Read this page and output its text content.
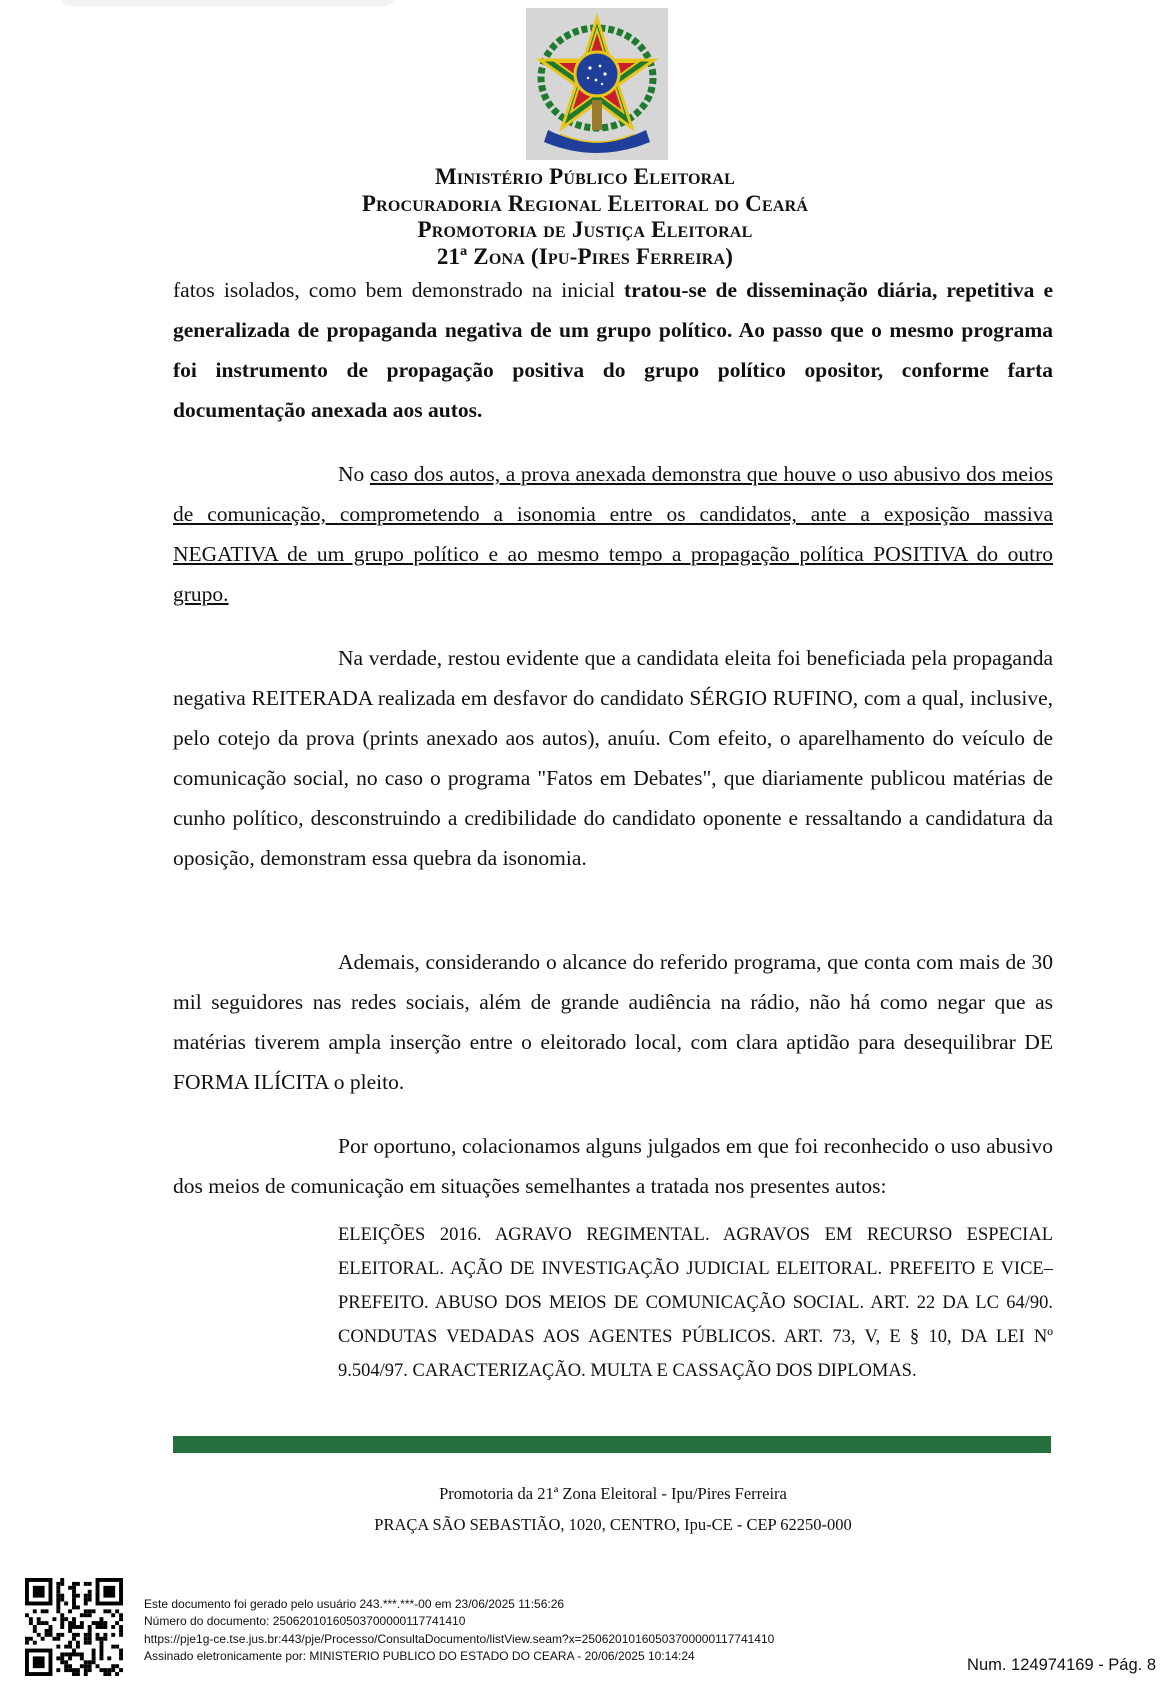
Ministério Público Eleitoral
Procuradoria Regional Eleitoral do Ceará
Promotoria de Justiça Eleitoral
21ª Zona (Ipu-Pires Ferreira)

fatos isolados, como bem demonstrado na inicial tratou-se de disseminação diária, repetitiva e generalizada de propaganda negativa de um grupo político. Ao passo que o mesmo programa foi instrumento de propagação positiva do grupo político opositor, conforme farta documentação anexada aos autos.

No caso dos autos, a prova anexada demonstra que houve o uso abusivo dos meios de comunicação, comprometendo a isonomia entre os candidatos, ante a exposição massiva NEGATIVA de um grupo político e ao mesmo tempo a propagação política POSITIVA do outro grupo.

Na verdade, restou evidente que a candidata eleita foi beneficiada pela propaganda negativa REITERADA realizada em desfavor do candidato SÉRGIO RUFINO, com a qual, inclusive, pelo cotejo da prova (prints anexado aos autos), anuíu. Com efeito, o aparelhamento do veículo de comunicação social, no caso o programa "Fatos em Debates", que diariamente publicou matérias de cunho político, desconstruindo a credibilidade do candidato oponente e ressaltando a candidatura da oposição, demonstram essa quebra da isonomia.

Ademais, considerando o alcance do referido programa, que conta com mais de 30 mil seguidores nas redes sociais, além de grande audiência na rádio, não há como negar que as matérias tiverem ampla inserção entre o eleitorado local, com clara aptidão para desequilibrar DE FORMA ILÍCITA o pleito.

Por oportuno, colacionamos alguns julgados em que foi reconhecido o uso abusivo dos meios de comunicação em situações semelhantes a tratada nos presentes autos:

ELEIÇÕES 2016. AGRAVO REGIMENTAL. AGRAVOS EM RECURSO ESPECIAL ELEITORAL. AÇÃO DE INVESTIGAÇÃO JUDICIAL ELEITORAL. PREFEITO E VICE–PREFEITO. ABUSO DOS MEIOS DE COMUNICAÇÃO SOCIAL. ART. 22 DA LC 64/90. CONDUTAS VEDADAS AOS AGENTES PÚBLICOS. ART. 73, V, E § 10, DA LEI Nº 9.504/97. CARACTERIZAÇÃO. MULTA E CASSAÇÃO DOS DIPLOMAS.
Promotoria da 21ª Zona Eleitoral - Ipu/Pires Ferreira
PRAÇA SÃO SEBASTIÃO, 1020, CENTRO, Ipu-CE - CEP 62250-000
Este documento foi gerado pelo usuário 243.***.***-00 em 23/06/2025 11:56:26
Número do documento: 25062010160503700000117741410
https://pje1g-ce.tse.jus.br:443/pje/Processo/ConsultaDocumento/listView.seam?x=25062010160503700000117741410
Assinado eletronicamente por: MINISTERIO PUBLICO DO ESTADO DO CEARA - 20/06/2025 10:14:24	Num. 124974169 - Pág. 8
